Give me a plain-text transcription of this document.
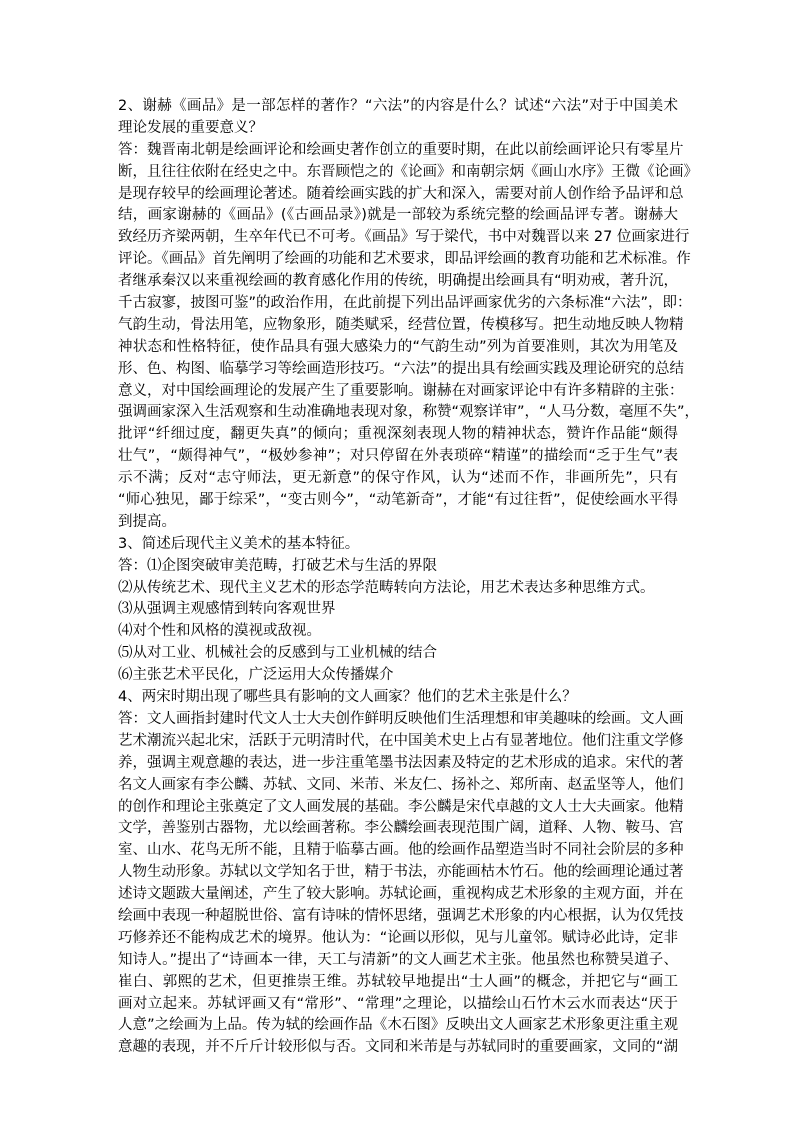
2、谢赫《画品》是一部怎样的著作？“六法”的内容是什么？试述“六法”对于中国美术
理论发展的重要意义？
答：魏晋南北朝是绘画评论和绘画史著作创立的重要时期，在此以前绘画评论只有零星片
断，且往往依附在经史之中。东晋顾恺之的《论画》和南朝宗炳《画山水序》王微《论画》
是现存较早的绘画理论著述。随着绘画实践的扩大和深入，需要对前人创作给予品评和总
结，画家谢赫的《画品》(《古画品录》)就是一部较为系统完整的绘画品评专著。谢赫大
致经历齐梁两朝，生卒年代已不可考。《画品》写于梁代，书中对魏晋以来 27 位画家进行
评论。《画品》首先阐明了绘画的功能和艺术要求，即品评绘画的教育功能和艺术标准。作
者继承秦汉以来重视绘画的教育感化作用的传统，明确提出绘画具有“明劝戒，著升沉，
千古寂寥，披图可鉴”的政治作用，在此前提下列出品评画家优劣的六条标准“六法”，即：
气韵生动，骨法用笔，应物象形，随类赋采，经营位置，传模移写。把生动地反映人物精
神状态和性格特征，使作品具有强大感染力的“气韵生动”列为首要准则，其次为用笔及
形、色、构图、临摹学习等绘画造形技巧。“六法”的提出具有绘画实践及理论研究的总结
意义，对中国绘画理论的发展产生了重要影响。谢赫在对画家评论中有许多精辟的主张：
强调画家深入生活观察和生动准确地表现对象，称赞“观察详审”，“人马分数，毫厘不失”，
批评“纤细过度，翻更失真”的倾向；重视深刻表现人物的精神状态，赞许作品能“颇得
壮气”，“颇得神气”，“极妙参神”；对只停留在外表琐碎“精谨”的描绘而“乏于生气”表
示不满；反对“志守师法，更无新意”的保守作风，认为“述而不作，非画所先”，只有
“师心独见，鄙于综采”，“变古则今”，“动笔新奇”，才能“有过往哲”，促使绘画水平得
到提高。
3、简述后现代主义美术的基本特征。
答：⑴企图突破审美范畴，打破艺术与生活的界限
⑵从传统艺术、现代主义艺术的形态学范畴转向方法论，用艺术表达多种思维方式。
⑶从强调主观感情到转向客观世界
⑷对个性和风格的漠视或敌视。
⑸从对工业、机械社会的反感到与工业机械的结合
⑹主张艺术平民化，广泛运用大众传播媒介
4、两宋时期出现了哪些具有影响的文人画家？他们的艺术主张是什么？
答：文人画指封建时代文人士大夫创作鲜明反映他们生活理想和审美趣味的绘画。文人画
艺术潮流兴起北宋，活跃于元明清时代，在中国美术史上占有显著地位。他们注重文学修
养，强调主观意趣的表达，进一步注重笔墨书法因素及特定的艺术形成的追求。宋代的著
名文人画家有李公麟、苏轼、文同、米芾、米友仁、扬补之、郑所南、赵孟坚等人，他们
的创作和理论主张奠定了文人画发展的基础。李公麟是宋代卓越的文人士大夫画家。他精
文学，善鉴别古器物，尤以绘画著称。李公麟绘画表现范围广阔，道释、人物、鞍马、宫
室、山水、花鸟无所不能，且精于临摹古画。他的绘画作品塑造当时不同社会阶层的多种
人物生动形象。苏轼以文学知名于世，精于书法，亦能画枯木竹石。他的绘画理论通过著
述诗文题跋大量阐述，产生了较大影响。苏轼论画，重视构成艺术形象的主观方面，并在
绘画中表现一种超脱世俗、富有诗味的情怀思绪，强调艺术形象的内心根据，认为仅凭技
巧修养还不能构成艺术的境界。他认为：“论画以形似，见与儿童邻。赋诗必此诗，定非
知诗人。”提出了“诗画本一律，天工与清新”的文人画艺术主张。他虽然也称赞吴道子、
崔白、郭熙的艺术，但更推崇王维。苏轼较早地提出“士人画”的概念，并把它与“画工
画对立起来。苏轼评画又有“常形”、“常理”之理论，以描绘山石竹木云水而表达“厌于
人意”之绘画为上品。传为轼的绘画作品《木石图》反映出文人画家艺术形象更注重主观
意趣的表现，并不斤斤计较形似与否。文同和米芾是与苏轼同时的重要画家，文同的“湖
